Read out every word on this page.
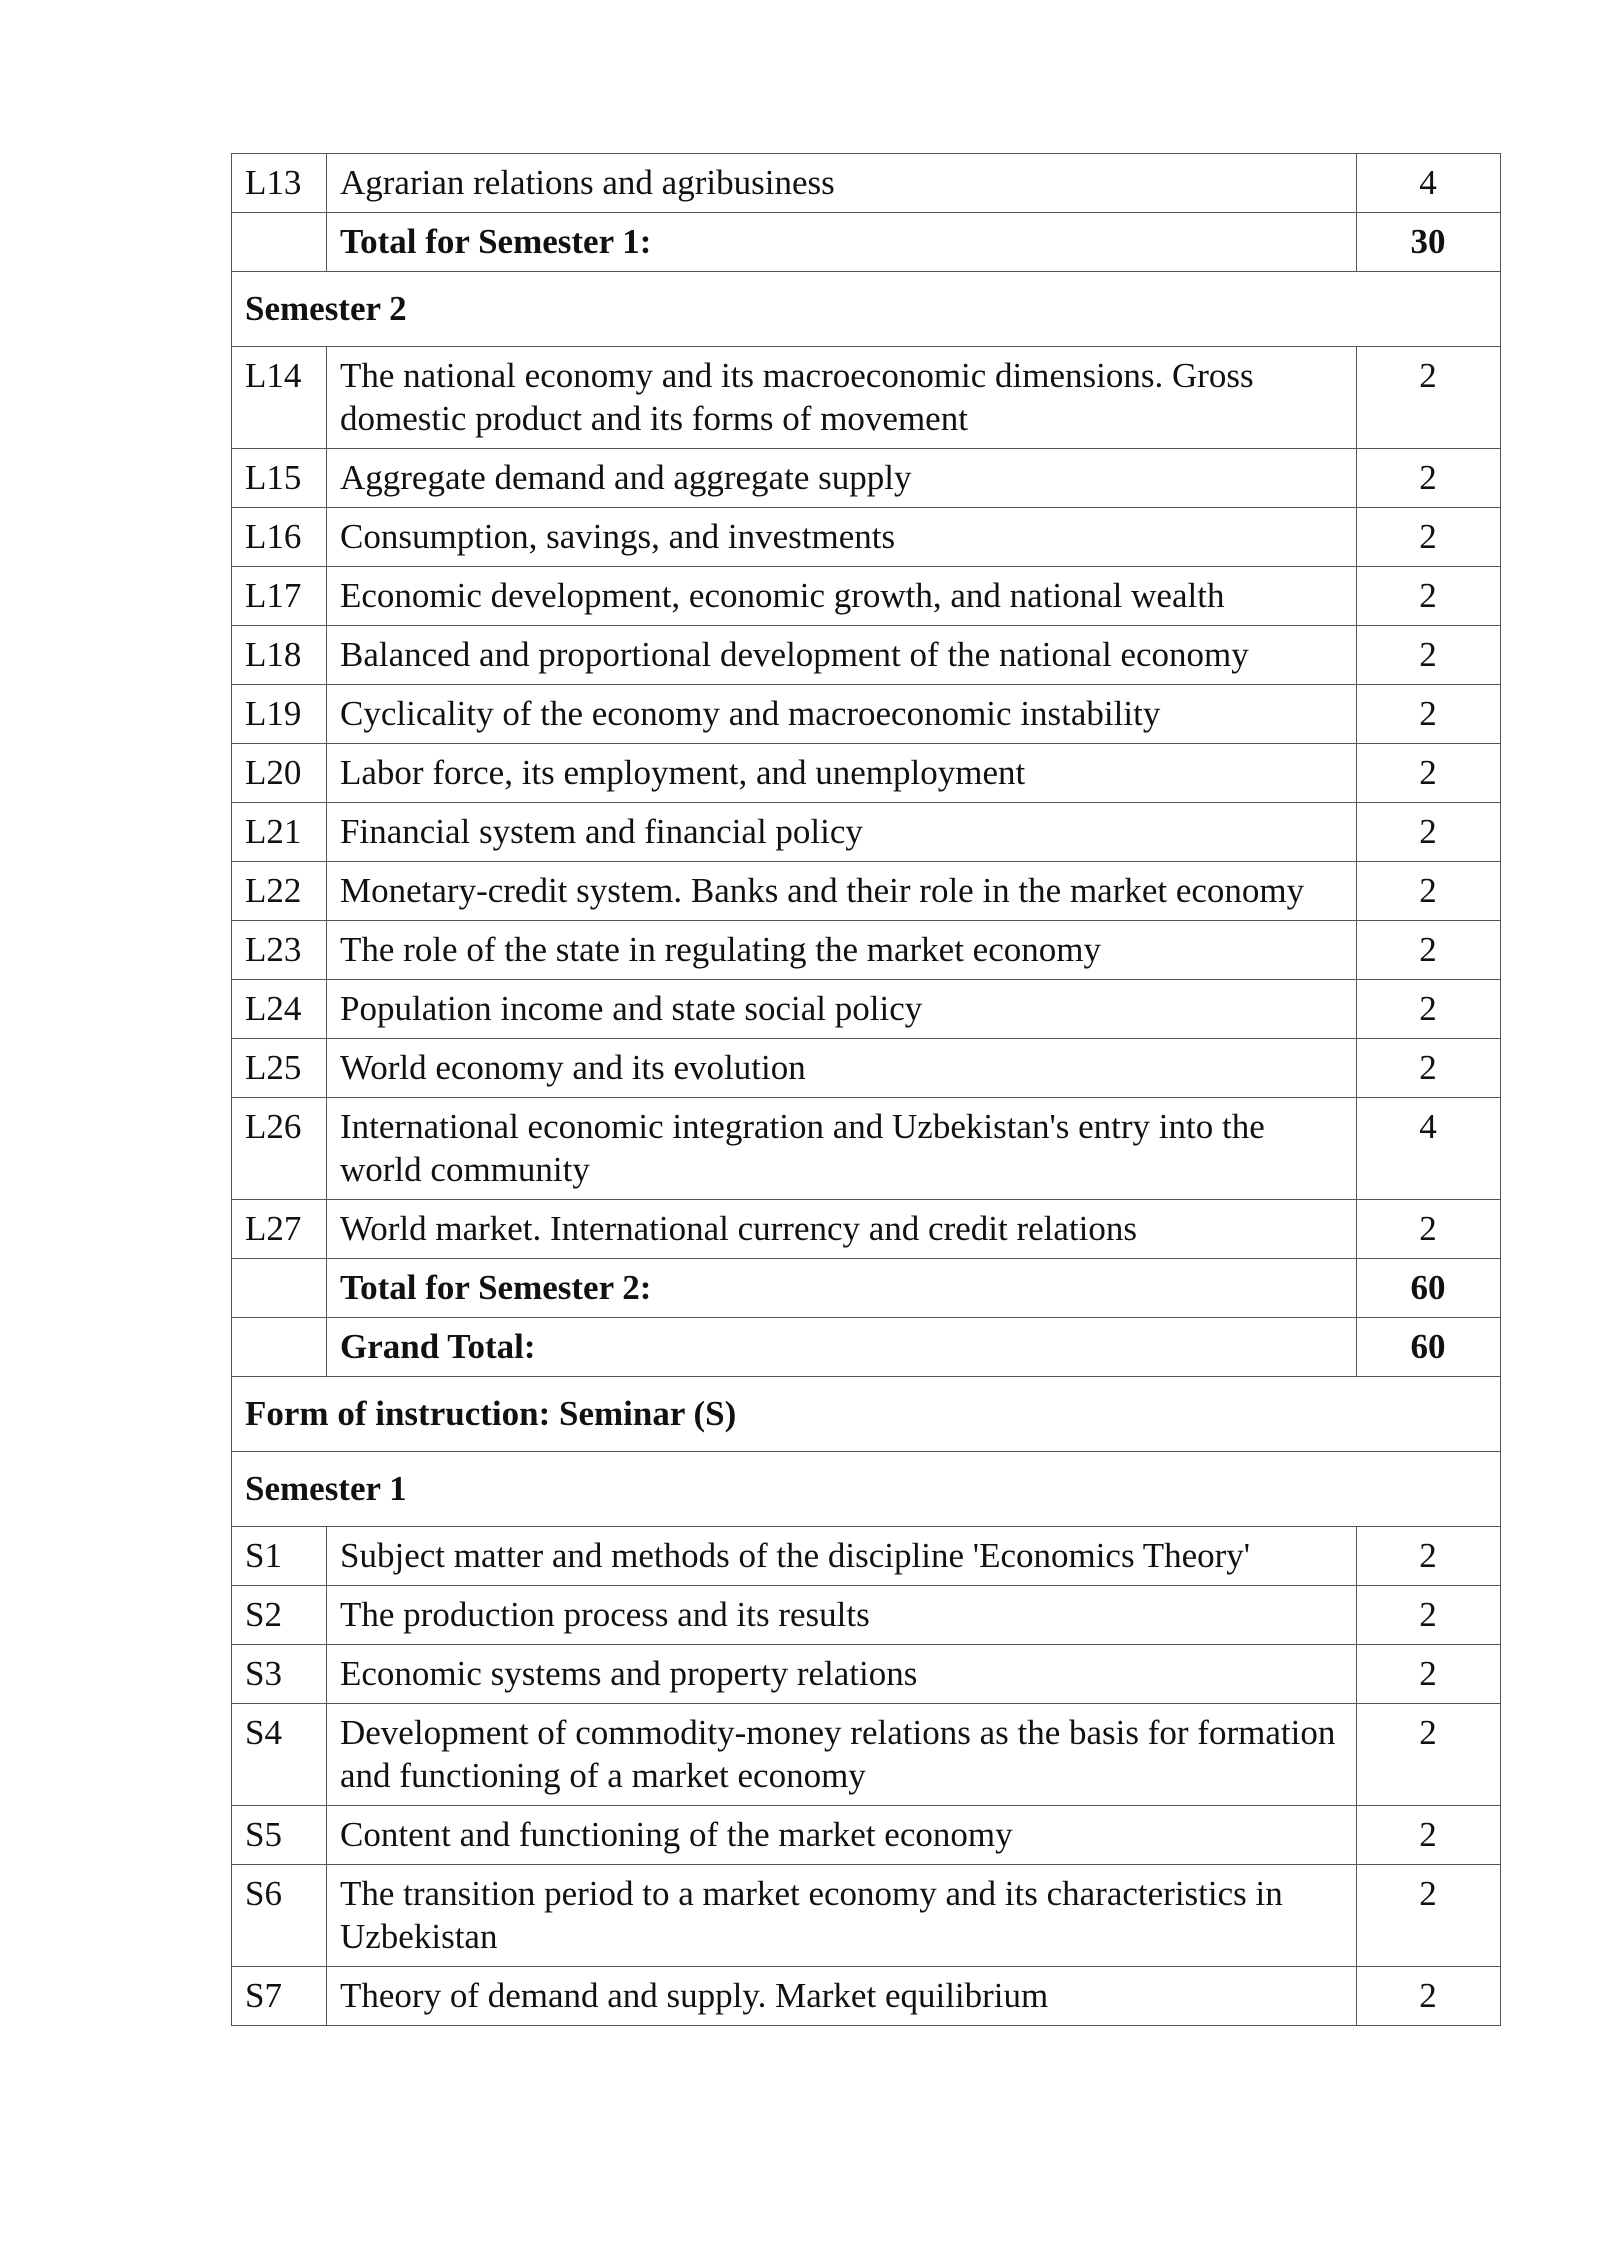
L13	Agrarian relations and agribusiness	4
	Total for Semester 1:	30
Semester 2		
L14	The national economy and its macroeconomic dimensions. Gross domestic product and its forms of movement	2
L15	Aggregate demand and aggregate supply	2
L16	Consumption, savings, and investments	2
L17	Economic development, economic growth, and national wealth	2
L18	Balanced and proportional development of the national economy	2
L19	Cyclicality of the economy and macroeconomic instability	2
L20	Labor force, its employment, and unemployment	2
L21	Financial system and financial policy	2
L22	Monetary-credit system. Banks and their role in the market economy	2
L23	The role of the state in regulating the market economy	2
L24	Population income and state social policy	2
L25	World economy and its evolution	2
L26	International economic integration and Uzbekistan's entry into the world community	4
L27	World market. International currency and credit relations	2
	Total for Semester 2:	60
	Grand Total:	60
Form of instruction: Seminar (S)		
Semester 1		
S1	Subject matter and methods of the discipline 'Economics Theory'	2
S2	The production process and its results	2
S3	Economic systems and property relations	2
S4	Development of commodity-money relations as the basis for formation and functioning of a market economy	2
S5	Content and functioning of the market economy	2
S6	The transition period to a market economy and its characteristics in Uzbekistan	2
S7	Theory of demand and supply. Market equilibrium	2
